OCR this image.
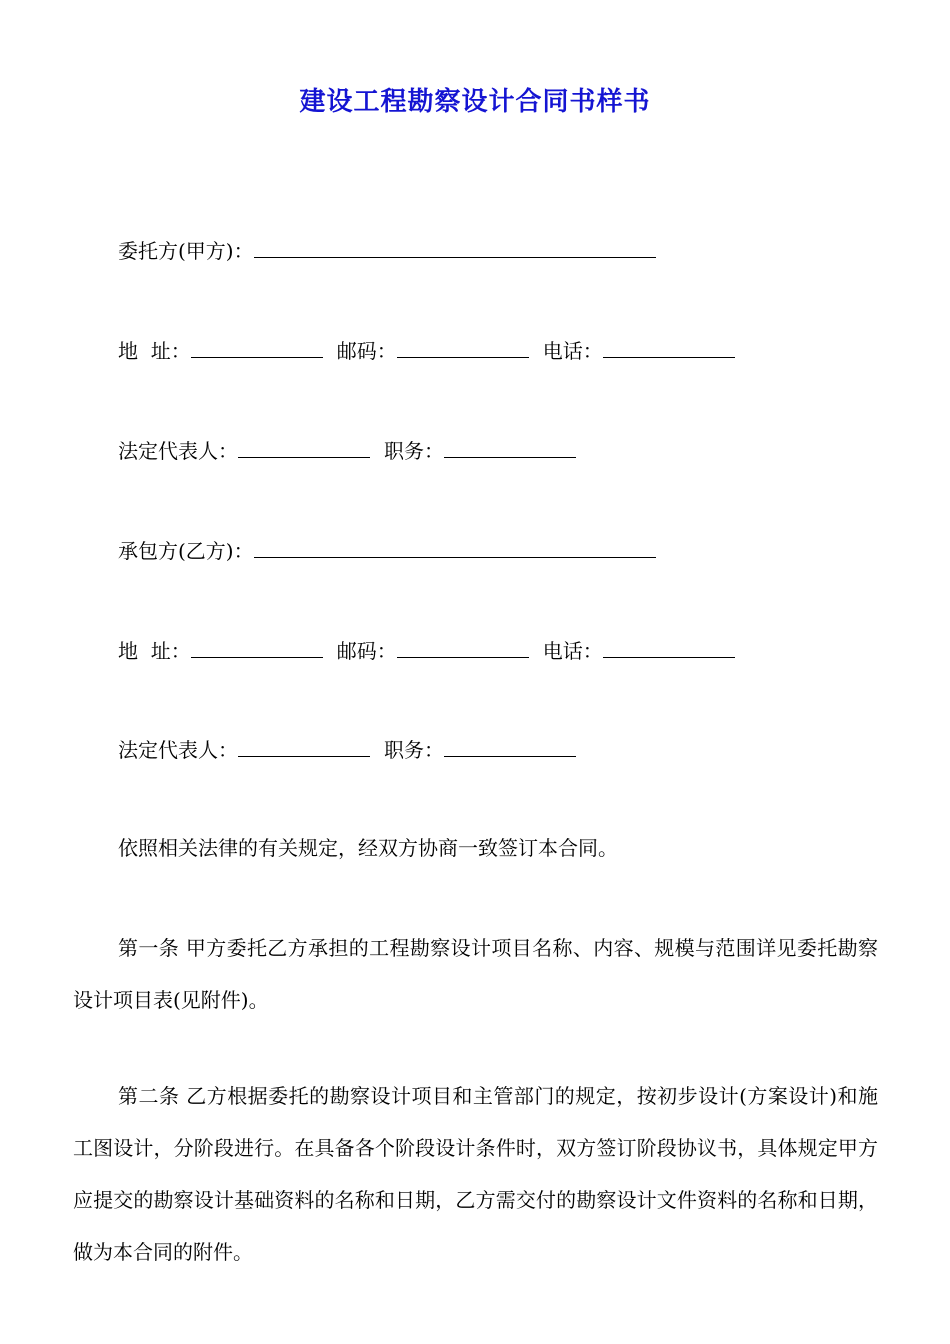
建设工程勘察设计合同书样书
委托方(甲方)：
地  址：	邮码：	电话：
法定代表人：	职务：
承包方(乙方)：
地  址：	邮码：	电话：
法定代表人：	职务：

依照相关法律的有关规定，经双方协商一致签订本合同。

第一条 甲方委托乙方承担的工程勘察设计项目名称、内容、规模与范围详见委托勘察设计项目表(见附件)。

第二条 乙方根据委托的勘察设计项目和主管部门的规定，按初步设计(方案设计)和施工图设计，分阶段进行。在具备各个阶段设计条件时，双方签订阶段协议书，具体规定甲方应提交的勘察设计基础资料的名称和日期，乙方需交付的勘察设计文件资料的名称和日期，做为本合同的附件。
